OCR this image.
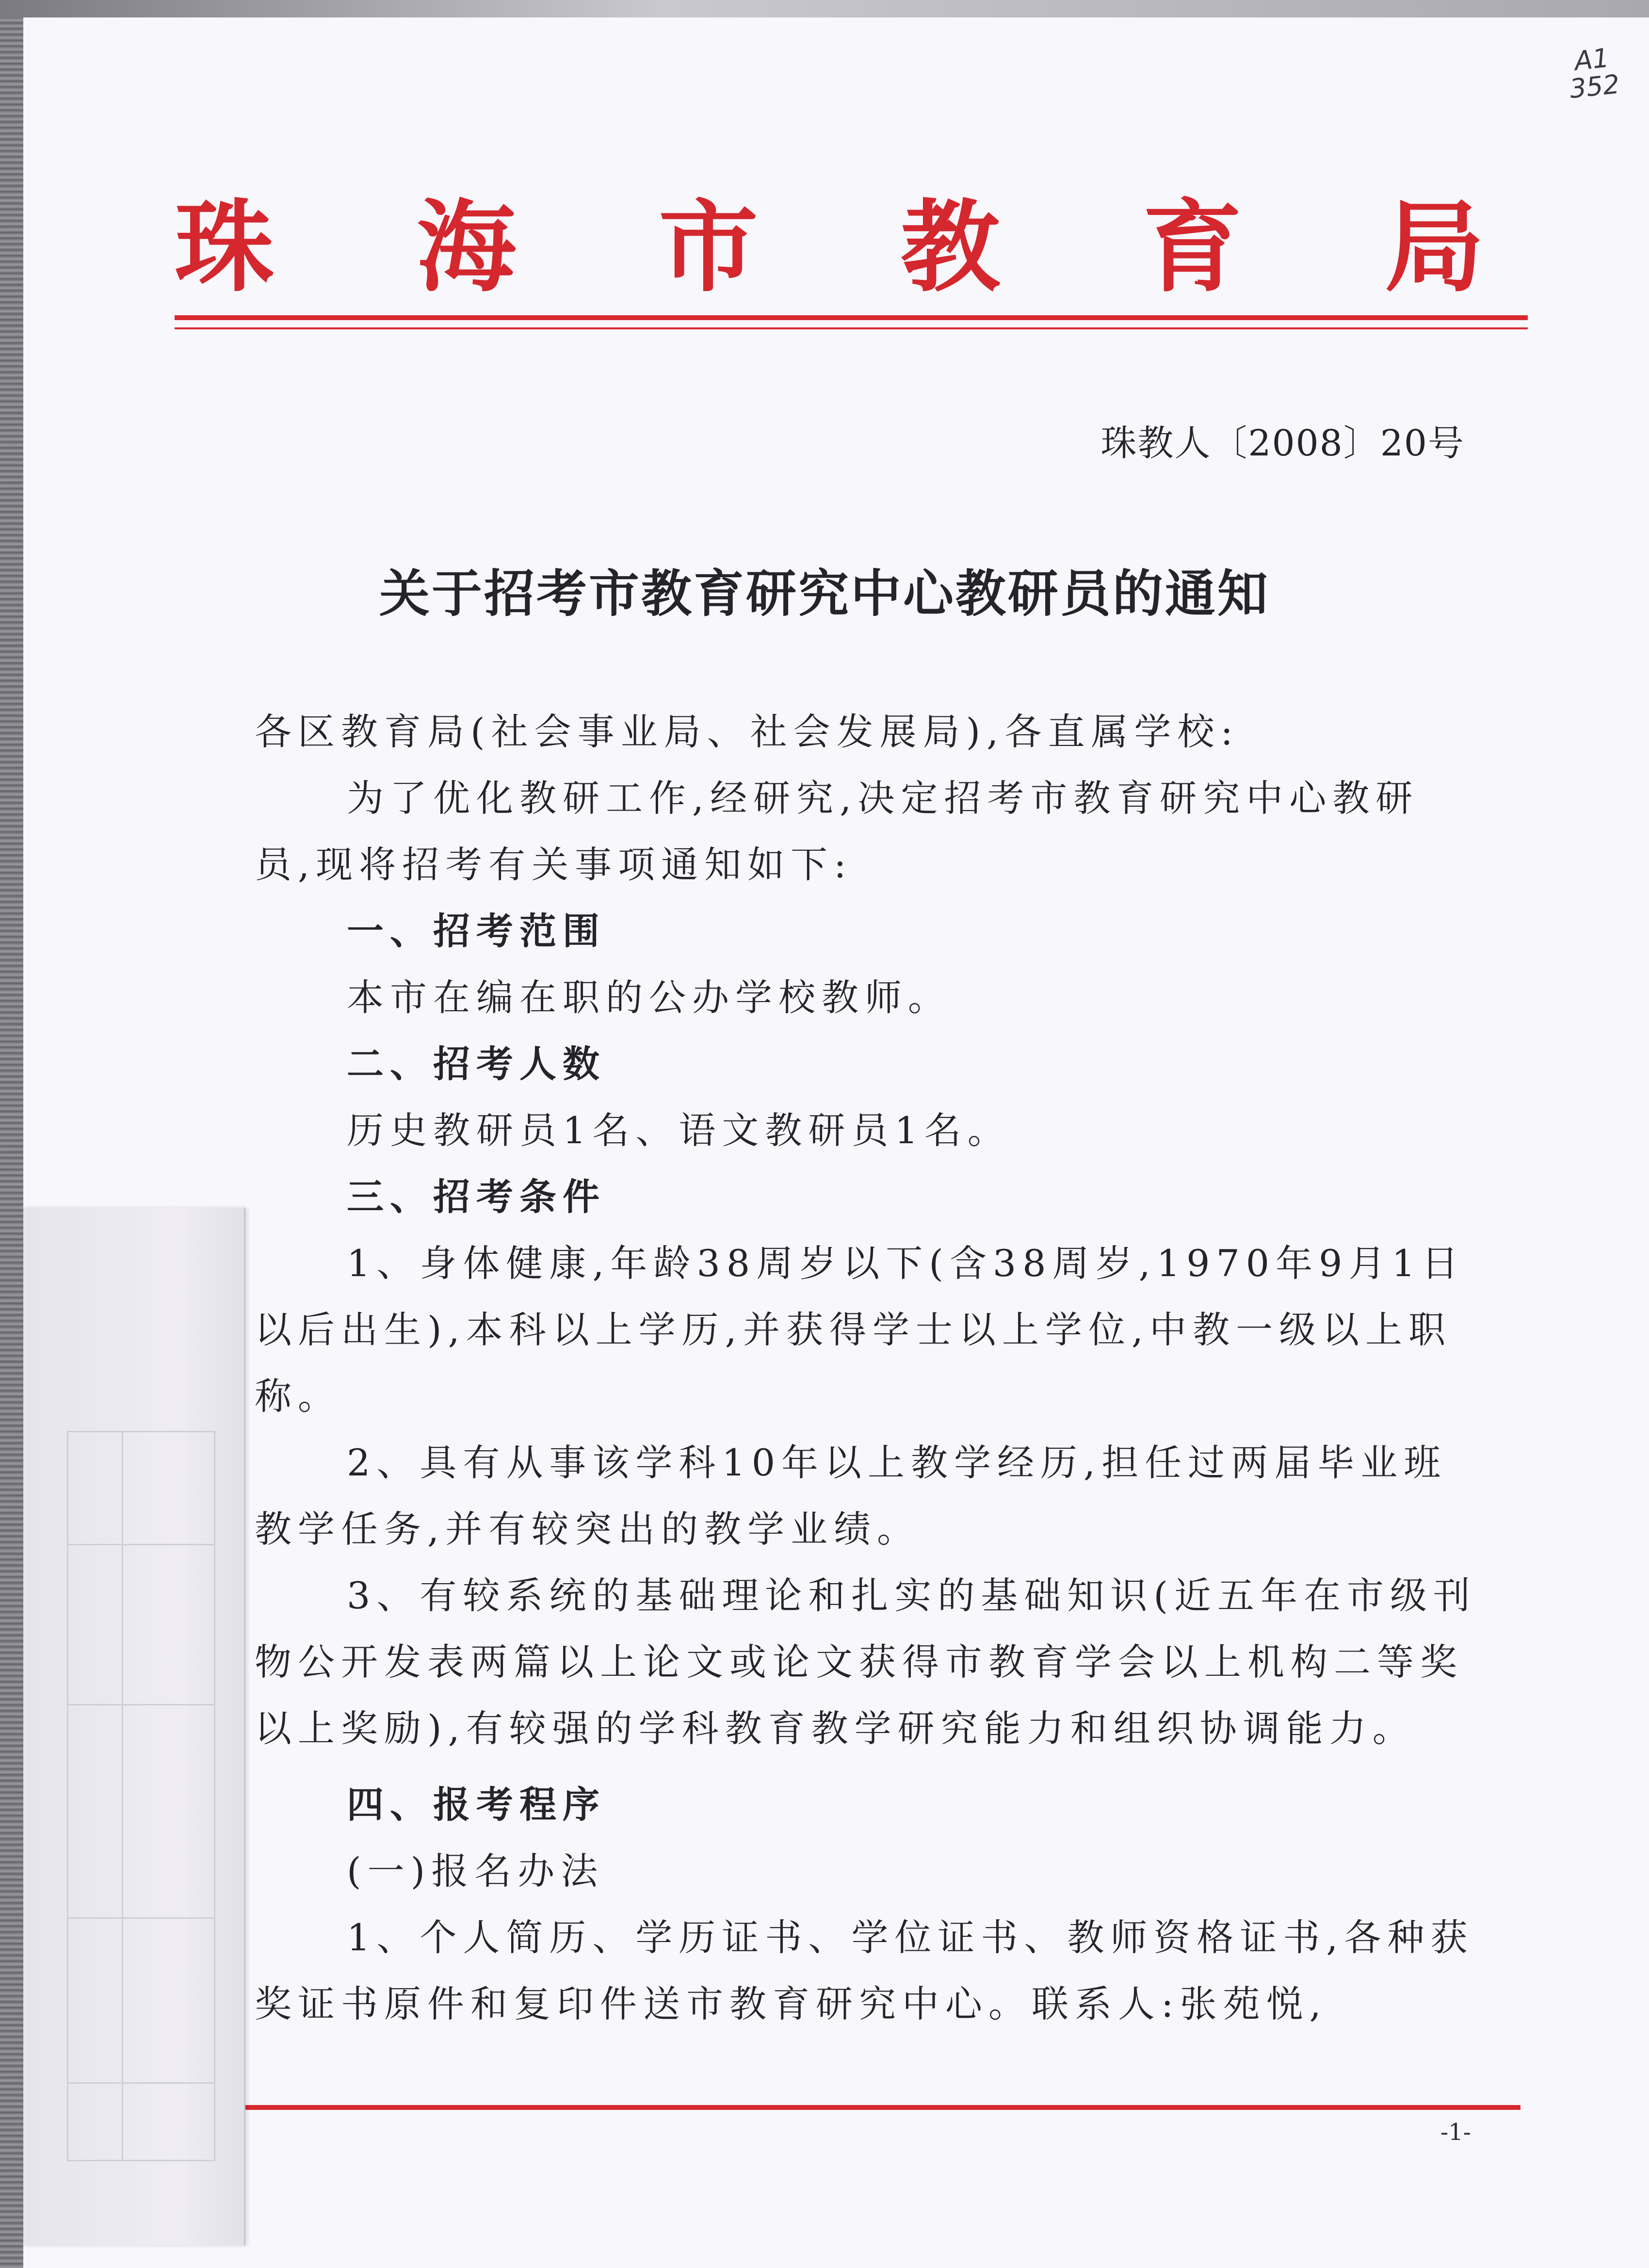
A1
352
珠 海 市 教 育 局
珠教人〔2008〕20号
关于招考市教育研究中心教研员的通知

各区教育局(社会事业局、社会发展局),各直属学校:

为了优化教研工作,经研究,决定招考市教育研究中心教研员,现将招考有关事项通知如下:

一、招考范围

本市在编在职的公办学校教师。

二、招考人数

历史教研员1名、语文教研员1名。

三、招考条件

1、身体健康,年龄38周岁以下(含38周岁,1970年9月1日以后出生),本科以上学历,并获得学士以上学位,中教一级以上职称。

2、具有从事该学科10年以上教学经历,担任过两届毕业班教学任务,并有较突出的教学业绩。

3、有较系统的基础理论和扎实的基础知识(近五年在市级刊物公开发表两篇以上论文或论文获得市教育学会以上机构二等奖以上奖励),有较强的学科教育教学研究能力和组织协调能力。

四、报考程序

(一)报名办法

1、个人简历、学历证书、学位证书、教师资格证书,各种获奖证书原件和复印件送市教育研究中心。联系人:张苑悦,

-1-
